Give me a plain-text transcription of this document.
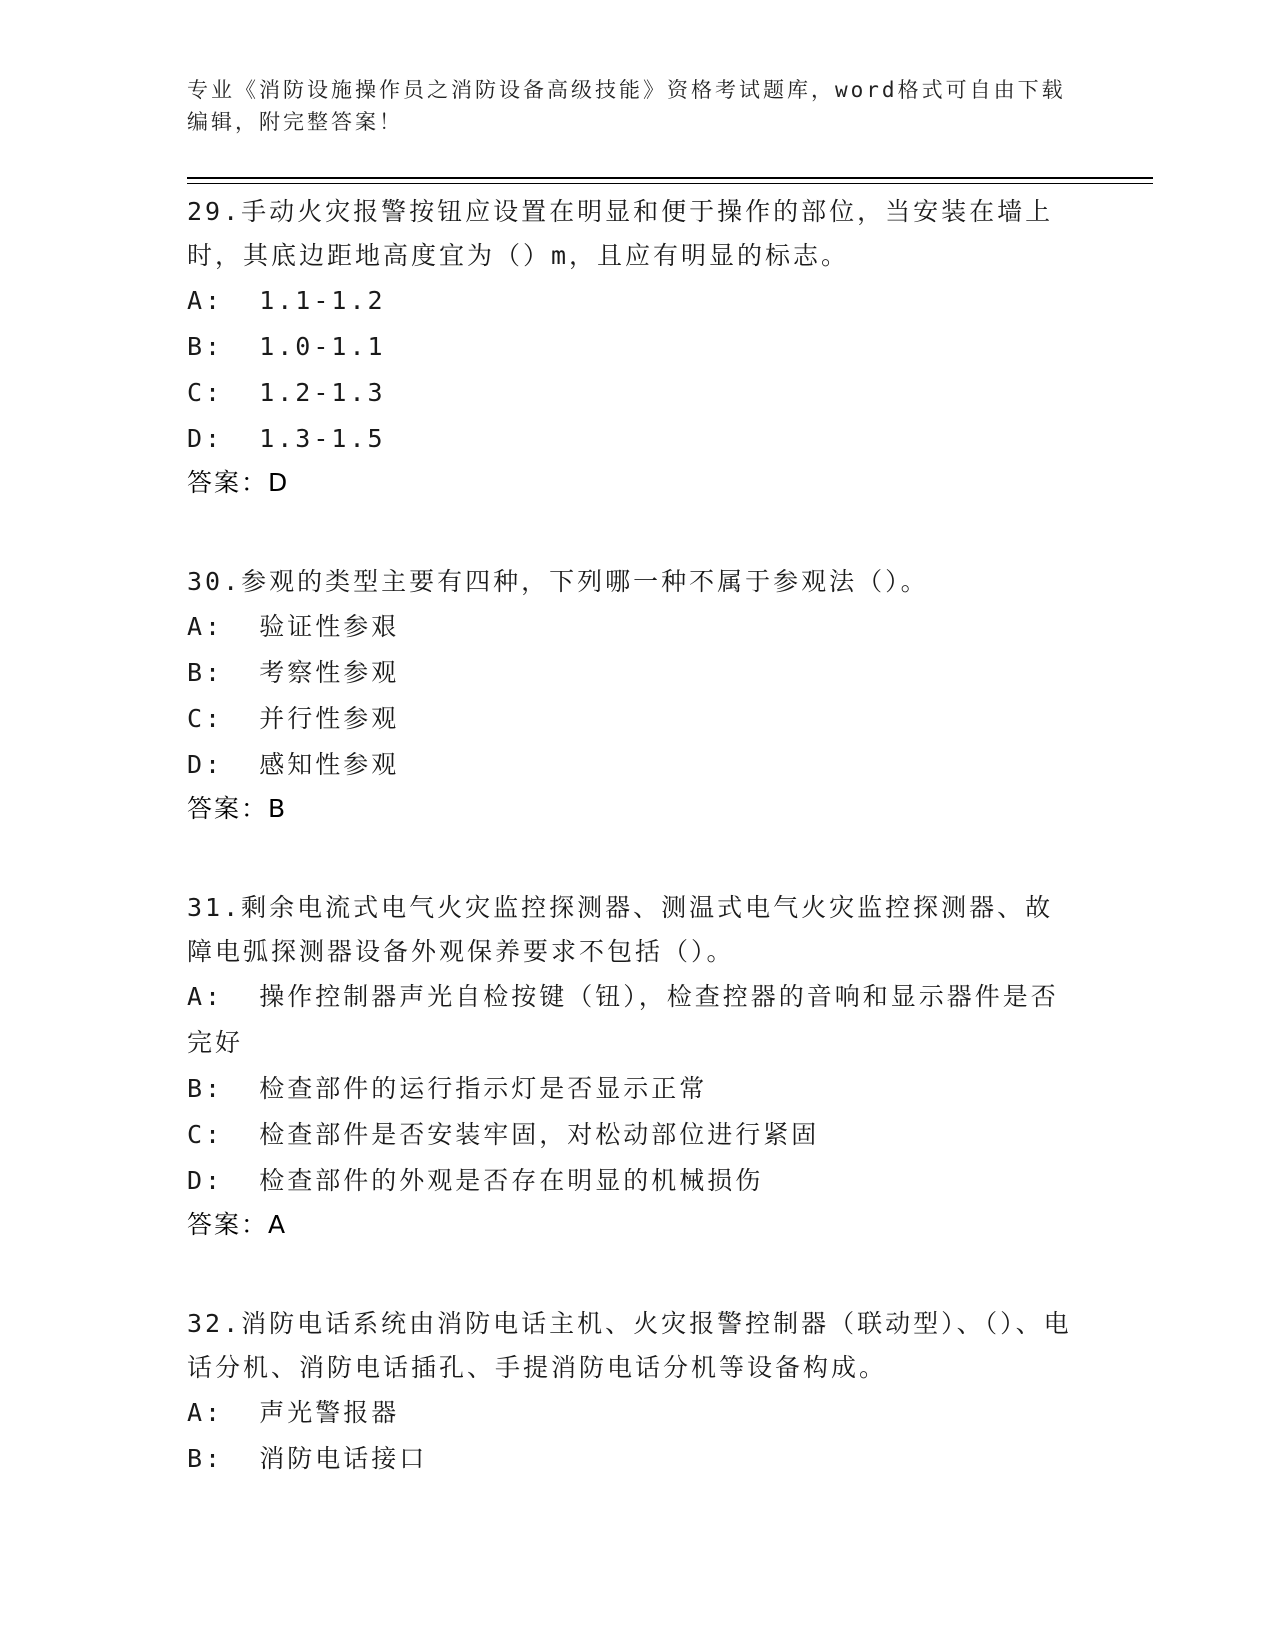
专业《消防设施操作员之消防设备高级技能》资格考试题库，word格式可自由下载编辑，附完整答案！

29.手动火灾报警按钮应设置在明显和便于操作的部位，当安装在墙上时，其底边距地高度宜为（）m，且应有明显的标志。

A:  1.1-1.2

B:  1.0-1.1

C:  1.2-1.3

D:  1.3-1.5

答案：D

30.参观的类型主要有四种，下列哪一种不属于参观法（）。

A:  验证性参艰

B:  考察性参观

C:  并行性参观

D:  感知性参观

答案：B

31.剩余电流式电气火灾监控探测器、测温式电气火灾监控探测器、故障电弧探测器设备外观保养要求不包括（）。

A:  操作控制器声光自检按键（钮），检查控器的音响和显示器件是否完好

B:  检查部件的运行指示灯是否显示正常

C:  检查部件是否安装牢固，对松动部位进行紧固

D:  检查部件的外观是否存在明显的机械损伤

答案：A

32.消防电话系统由消防电话主机、火灾报警控制器（联动型）、（）、电话分机、消防电话插孔、手提消防电话分机等设备构成。

A:  声光警报器

B:  消防电话接口
